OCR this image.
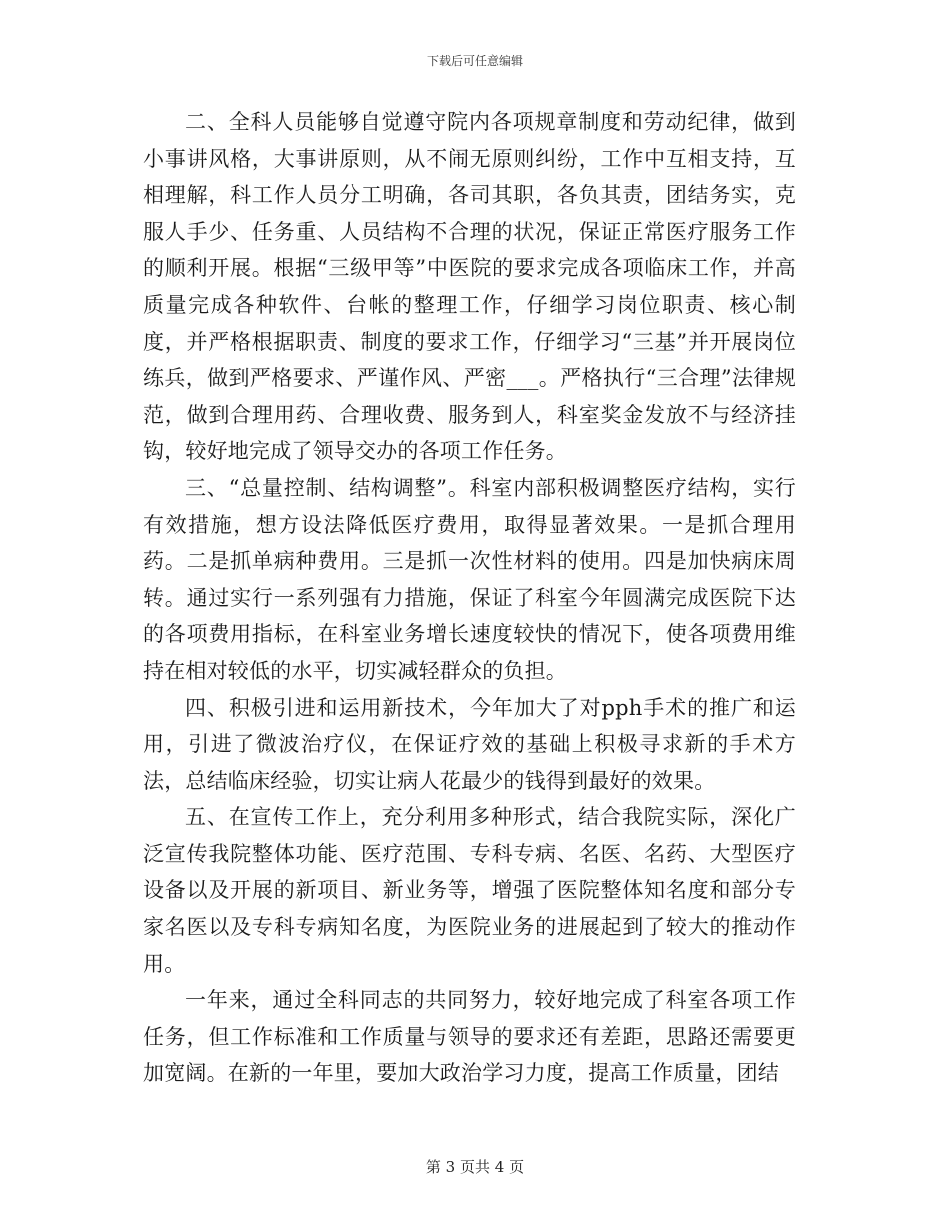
下载后可任意编辑

二、全科人员能够自觉遵守院内各项规章制度和劳动纪律，做到小事讲风格，大事讲原则，从不闹无原则纠纷，工作中互相支持，互相理解，科工作人员分工明确，各司其职，各负其责，团结务实，克服人手少、任务重、人员结构不合理的状况，保证正常医疗服务工作的顺利开展。根据“三级甲等”中医院的要求完成各项临床工作，并高质量完成各种软件、台帐的整理工作，仔细学习岗位职责、核心制度，并严格根据职责、制度的要求工作，仔细学习“三基”并开展岗位练兵，做到严格要求、严谨作风、严密___。严格执行“三合理”法律规范，做到合理用药、合理收费、服务到人，科室奖金发放不与经济挂钩，较好地完成了领导交办的各项工作任务。

三、“总量控制、结构调整”。科室内部积极调整医疗结构，实行有效措施，想方设法降低医疗费用，取得显著效果。一是抓合理用药。二是抓单病种费用。三是抓一次性材料的使用。四是加快病床周转。通过实行一系列强有力措施，保证了科室今年圆满完成医院下达的各项费用指标，在科室业务增长速度较快的情况下，使各项费用维持在相对较低的水平，切实减轻群众的负担。

四、积极引进和运用新技术，今年加大了对pph手术的推广和运用，引进了微波治疗仪，在保证疗效的基础上积极寻求新的手术方法，总结临床经验，切实让病人花最少的钱得到最好的效果。

五、在宣传工作上，充分利用多种形式，结合我院实际，深化广泛宣传我院整体功能、医疗范围、专科专病、名医、名药、大型医疗设备以及开展的新项目、新业务等，增强了医院整体知名度和部分专家名医以及专科专病知名度，为医院业务的进展起到了较大的推动作用。

一年来，通过全科同志的共同努力，较好地完成了科室各项工作任务，但工作标准和工作质量与领导的要求还有差距，思路还需要更加宽阔。在新的一年里，要加大政治学习力度，提高工作质量，团结

第 3 页共 4 页
